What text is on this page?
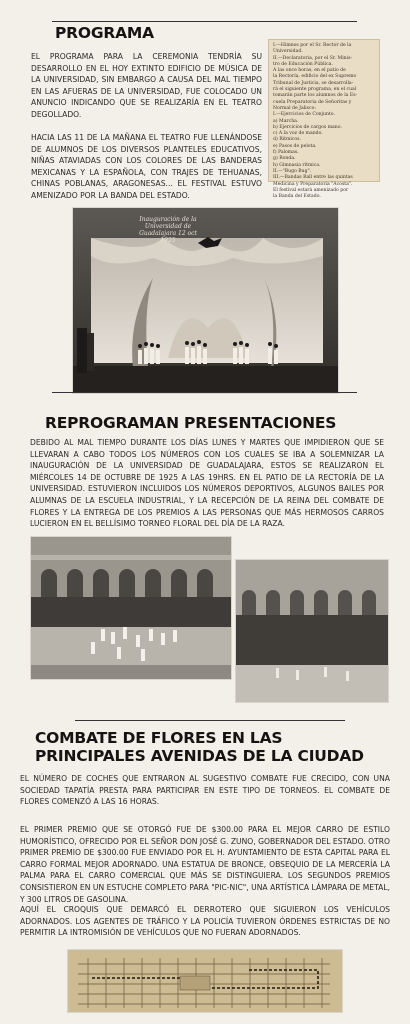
PROGRAMA

EL PROGRAMA PARA LA CEREMONIA TENDRÍA SU DESARROLLO EN EL HOY EXTINTO EDIFICIO DE MÚSICA DE LA UNIVERSIDAD, SIN EMBARGO A CAUSA DEL MAL TIEMPO EN LAS AFUERAS DE LA UNIVERSIDAD, FUE COLOCADO UN ANUNCIO INDICANDO QUE SE REALIZARÍA EN EL TEATRO DEGOLLADO.

HACIA LAS 11 DE LA MAÑANA EL TEATRO FUE LLENÁNDOSE DE ALUMNOS DE LOS DIVERSOS PLANTELES EDUCATIVOS, NIÑAS ATAVIADAS CON LOS COLORES DE LAS BANDERAS MEXICANAS Y LA ESPAÑOLA, CON TRAJES DE TEHUANAS, CHINAS POBLANAS, ARAGONESAS... EL FESTIVAL ESTUVO AMENIZADO POR LA BANDA DEL ESTADO.

I.—Himnos por el Sr. Rector de la
Universidad.
II.—Declaratoria, por el Sr. Minis-
tro de Educación Pública.
A las once horas, en el patio de
la Rectoría, edificio del ex Supremo
Tribunal de Justicia, se desarrolla-
rá el siguiente programa, en el cual
tomarán parte los alumnos de la Es-
cuela Preparatoria de Señoritas y
Normal de Jalisco:
I.—Ejercicios de Conjunto.
a) Marcha.
b) Ejercicios de cargos mano.
c) A la voz de mando.
d) Ritmicos.
e) Pasos de pelota.
f) Palomas.
g) Ronda.
h) Gimnasia rítmica.
II.—"Bugo Bug".
III.—Bandas Ball entre las quintas
Medicina y Preparatoria "Acosta".
El festival estará amenizado por
la Banda del Estado.
Inauguración de la Universidad de Guadalajara 12 oct 1925
REPROGRAMAN PRESENTACIONES

DEBIDO AL MAL TIEMPO DURANTE LOS DÍAS LUNES Y MARTES QUE IMPIDIERON QUE SE LLEVARAN A CABO TODOS LOS NÚMEROS CON LOS CUALES SE IBA A SOLEMNIZAR LA INAUGURACIÓN DE LA UNIVERSIDAD DE GUADALAJARA, ESTOS SE REALIZARON EL MIÉRCOLES 14 DE OCTUBRE DE 1925 A LAS 19HRS. EN EL PATIO DE LA RECTORÍA DE LA UNIVERSIDAD. ESTUVIERON INCLUIDOS LOS NÚMEROS DEPORTIVOS, ALGUNOS BAILES POR ALUMNAS DE LA ESCUELA INDUSTRIAL, Y LA RECEPCIÓN DE LA REINA DEL COMBATE DE FLORES Y LA ENTREGA DE LOS PREMIOS A LAS PERSONAS QUE MÁS HERMOSOS CARROS LUCIERON EN EL BELLÍSIMO TORNEO FLORAL DEL DÍA DE LA RAZA.

COMBATE DE FLORES EN LAS
PRINCIPALES AVENIDAS DE LA CIUDAD

EL NÚMERO DE COCHES QUE ENTRARON AL SUGESTIVO COMBATE FUE CRECIDO, CON UNA SOCIEDAD TAPATÍA PRESTA PARA PARTICIPAR EN ESTE TIPO DE TORNEOS. EL COMBATE DE FLORES COMENZÓ A LAS 16 HORAS.

EL PRIMER PREMIO QUE SE OTORGÓ FUE DE $300.00 PARA EL MEJOR CARRO DE ESTILO HUMORÍSTICO, OFRECIDO POR EL SEÑOR DON JOSÉ G. ZUNO, GOBERNADOR DEL ESTADO. OTRO PRIMER PREMIO DE $300.00 FUE ENVIADO POR EL H. AYUNTAMIENTO DE ESTA CAPITAL PARA EL CARRO FORMAL MEJOR ADORNADO. UNA ESTATUA DE BRONCE, OBSEQUIO DE LA MERCERÍA LA PALMA PARA EL CARRO COMERCIAL QUE MÁS SE DISTINGUIERA. LOS SEGUNDOS PREMIOS CONSISTIERON EN UN ESTUCHE COMPLETO PARA "PIC-NIC", UNA ARTÍSTICA LÁMPARA DE METAL, Y 300 LITROS DE GASOLINA.

AQUÍ EL CROQUIS QUE DEMARCÓ EL DERROTERO QUE SIGUIERON LOS VEHÍCULOS ADORNADOS. LOS AGENTES DE TRÁFICO Y LA POLICÍA TUVIERON ÓRDENES ESTRICTAS DE NO PERMITIR LA INTROMISIÓN DE VEHÍCULOS QUE NO FUERAN ADORNADOS.
